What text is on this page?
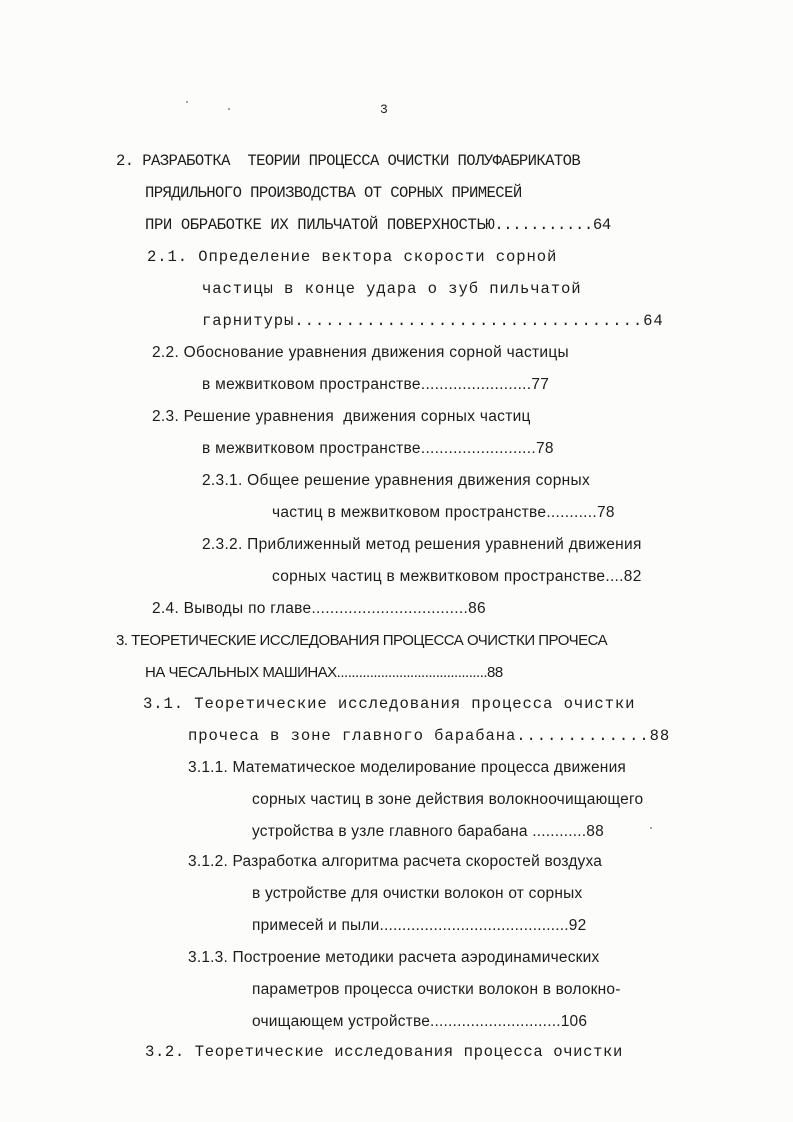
3
2. РАЗРАБОТКА  ТЕОРИИ ПРОЦЕССА ОЧИСТКИ ПОЛУФАБРИКАТОВ
ПРЯДИЛЬНОГО ПРОИЗВОДСТВА ОТ СОРНЫХ ПРИМЕСЕЙ
ПРИ ОБРАБОТКЕ ИХ ПИЛЬЧАТОЙ ПОВЕРХНОСТЬЮ...........64
2.1. Определение вектора скорости сорной
частицы в конце удара о зуб пильчатой
гарнитуры..................................64
2.2. Обоснование уравнения движения сорной частицы
в межвитковом пространстве........................77
2.3. Решение уравнения  движения сорных частиц
в межвитковом пространстве.........................78
2.3.1. Общее решение уравнения движения сорных
частиц в межвитковом пространстве...........78
2.3.2. Приближенный метод решения уравнений движения
сорных частиц в межвитковом пространстве....82
2.4. Выводы по главе..................................86
3. ТЕОРЕТИЧЕСКИЕ ИССЛЕДОВАНИЯ ПРОЦЕССА ОЧИСТКИ ПРОЧЕСА
НА ЧЕСАЛЬНЫХ МАШИНАХ.........................................88
3.1. Теоретические исследования процесса очистки
прочеса в зоне главного барабана.............88
3.1.1. Математическое моделирование процесса движения
сорных частиц в зоне действия волокноочищающего
устройства в узле главного барабана ............88
3.1.2. Разработка алгоритма расчета скоростей воздуха
в устройстве для очистки волокон от сорных
примесей и пыли..........................................92
3.1.3. Построение методики расчета аэродинамических
параметров процесса очистки волокон в волокно-
очищающем устройстве.............................106
3.2. Теоретические исследования процесса очистки
